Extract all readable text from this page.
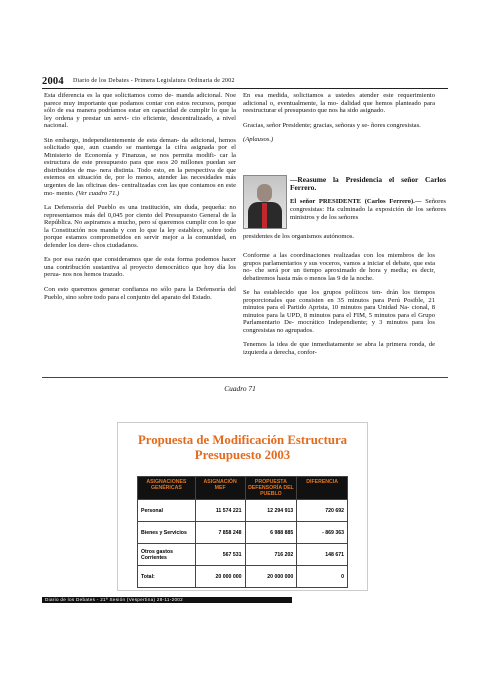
2004 Diario de los Debates - Primera Legislatura Ordinaria de 2002

Esta diferencia es la que solicitamos como de- manda adicional. Noe parece muy importante que podamos contar con estos recursos, porque sólo de esa manera podríamos estar en capacidad de cumplir lo que la ley ordena y prestar un servi- cio eficiente, descentralizado, a nivel nacional.

Sin embargo, independientemente de esta deman- da adicional, hemos solicitado que, aun cuando se mantenga la cifra asignada por el Ministerio de Economía y Finanzas, se nos permita modifi- car la estructura de este presupuesto para que esos 20 millones puedan ser distribuidos de ma- nera distinta. Todo esto, en la perspectiva de que estemos en situación de, por lo menos, atender las necesidades más urgentes de las oficinas des- centralizadas con las que contamos en este mo- mento. (Ver cuadro 71.)

La Defensoría del Pueblo es una institución, sin duda, pequeña: no representamos más del 0,045 por ciento del Presupuesto General de la República. No aspiramos a mucho, pero sí queremos cumplir con lo que la Constitución nos manda y con lo que la ley establece, sobre todo porque estamos comprometidos en servir mejor a la comunidad, en defender los dere- chos ciudadanos.

Es por esa razón que consideramos que de esta forma podemos hacer una contribución sustantiva al proyecto democrático que hoy día los perua- nos nos hemos trazado.

Con esto queremos generar confianza no sólo para la Defensoría del Pueblo, sino sobre todo para el conjunto del aparato del Estado.

En esa medida, solicitamos a ustedes atender este requerimiento adicional o, eventualmente, la mo- dalidad que hemos planteado para reestructurar el presupuesto que nos ha sido asignado.

Gracias, señor Presidente; gracias, señoras y se- ñores congresistas.

(Aplausos.)

—Reasume la Presidencia el señor Carlos Ferrero.

El señor PRESIDENTE (Carlos Ferrero).— Señores congresistas: Ha culminado la exposición de los señores ministros y de los señores

presidentes de los organismos autónomos.

Conforme a las coordinaciones realizadas con los miembros de los grupos parlamentarios y sus voceros, vamos a iniciar el debate, que esta no- che será por un tiempo aproximado de hora y media; es decir, debatiremos hasta más o menos las 9 de la noche.

Se ha establecido que los grupos políticos ten- drán los tiempos proporcionales que consisten en 35 minutos para Perú Posible, 21 minutos para el Partido Aprista, 10 minutos para Unidad Na- cional, 8 minutos para la UPD, 8 minutos para el FIM, 5 minutos para el Grupo Parlamentario De- mocrático Independiente; y 3 minutos para los congresistas no agrupados.

Tenemos la idea de que inmediatamente se abra la primera ronda, de izquierda a derecha, confor-

Cuadro 71
Propuesta de Modificación Estructura
Presupuesto 2003
ASIGNACIONES GENÉRICAS	ASIGNACIÓN MEF	PROPUESTA DEFENSORÍA DEL PUEBLO	DIFERENCIA
Personal	11 574 221	12 294 913	720 692
Bienes y Servicios	7 858 248	6 988 885	- 869 363
Otros gastos Corrientes	567 531	716 202	148 671
Total:	20 000 000	20 000 000	0
Diario de los Debates - 21ª Sesión (Vespertina) 28-11-2002
